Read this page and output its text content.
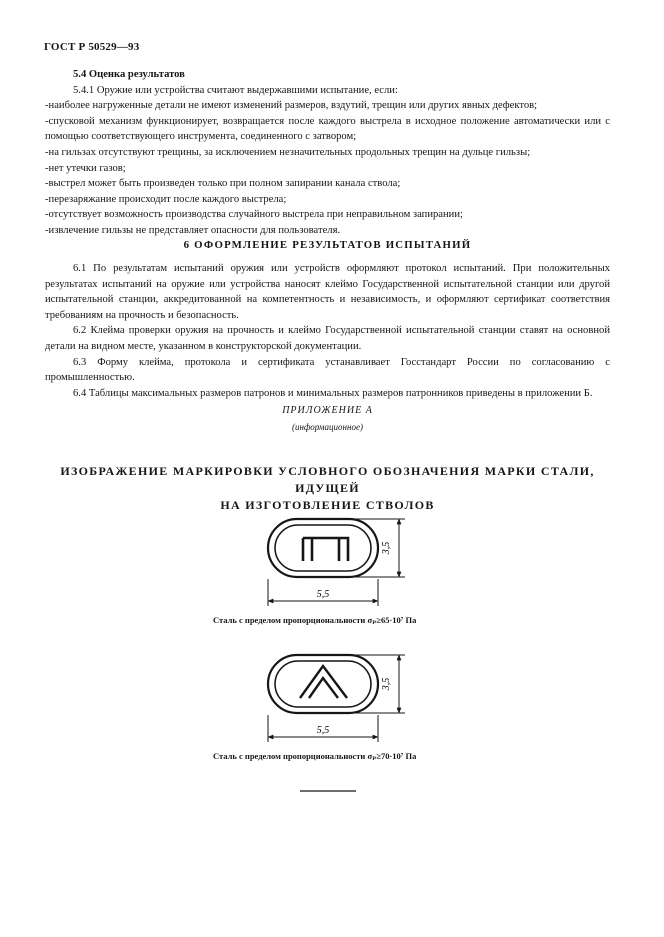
ГОСТ Р 50529—93

5.4 Оценка результатов

5.4.1 Оружие или устройства считают выдержавшими испытание, если:

-наиболее нагруженные детали не имеют изменений размеров, вздутий, трещин или других явных дефектов;

-спусковой механизм функционирует, возвращается после каждого выстрела в исходное положение автоматически или с помощью соответствующего инструмента, соединенного с затвором;

-на гильзах отсутствуют трещины, за исключением незначительных продольных трещин на дульце гильзы;

-нет утечки газов;

-выстрел может быть произведен только при полном запирании канала ствола;

-перезаряжание происходит после каждого выстрела;

-отсутствует возможность производства случайного выстрела при неправильном запирании;

-извлечение гильзы не представляет опасности для пользователя.

6 ОФОРМЛЕНИЕ РЕЗУЛЬТАТОВ ИСПЫТАНИЙ

6.1 По результатам испытаний оружия или устройств оформляют протокол испытаний. При положительных результатах испытаний на оружие или устройства наносят клеймо Государственной испытательной станции или другой испытательной станции, аккредитованной на компетентность и независимость, и оформляют сертификат соответствия требованиям на прочность и безопасность.

6.2 Клейма проверки оружия на прочность и клеймо Государственной испытательной станции ставят на основной детали на видном месте, указанном в конструкторской документации.

6.3 Форму клейма, протокола и сертификата устанавливает Госстандарт России по согласованию с промышленностью.

6.4 Таблицы максимальных размеров патронов и минимальных размеров патронников приведены в приложении Б.

ПРИЛОЖЕНИЕ А
(информационное)
ИЗОБРАЖЕНИЕ МАРКИРОВКИ УСЛОВНОГО ОБОЗНАЧЕНИЯ МАРКИ СТАЛИ, ИДУЩЕЙ
НА ИЗГОТОВЛЕНИЕ СТВОЛОВ
5,5
3,5
Сталь с пределом пропорциональности σₚ≥65·10⁷ Па
5,5
3,5
Сталь с пределом пропорциональности σₚ≥70·10⁷ Па
